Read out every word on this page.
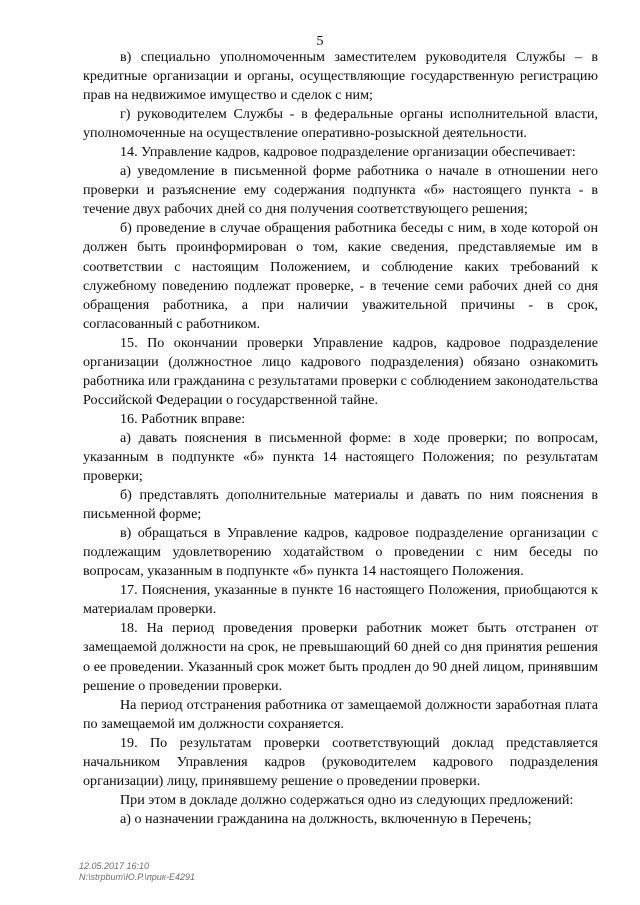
5

в) специально уполномоченным заместителем руководителя Службы – в кредитные организации и органы, осуществляющие государственную регистрацию прав на недвижимое имущество и сделок с ним;

г) руководителем Службы - в федеральные органы исполнительной власти, уполномоченные на осуществление оперативно-розыскной деятельности.

14. Управление кадров, кадровое подразделение организации обеспечивает:

а) уведомление в письменной форме работника о начале в отношении него проверки и разъяснение ему содержания подпункта «б» настоящего пункта - в течение двух рабочих дней со дня получения соответствующего решения;

б) проведение в случае обращения работника беседы с ним, в ходе которой он должен быть проинформирован о том, какие сведения, представляемые им в соответствии с настоящим Положением, и соблюдение каких требований к служебному поведению подлежат проверке, - в течение семи рабочих дней со дня обращения работника, а при наличии уважительной причины - в срок, согласованный с работником.

15. По окончании проверки Управление кадров, кадровое подразделение организации (должностное лицо кадрового подразделения) обязано ознакомить работника или гражданина с результатами проверки с соблюдением законодательства Российской Федерации о государственной тайне.

16. Работник вправе:

а) давать пояснения в письменной форме: в ходе проверки; по вопросам, указанным в подпункте «б» пункта 14 настоящего Положения; по результатам проверки;

б) представлять дополнительные материалы и давать по ним пояснения в письменной форме;

в) обращаться в Управление кадров, кадровое подразделение организации с подлежащим удовлетворению ходатайством о проведении с ним беседы по вопросам, указанным в подпункте «б» пункта 14 настоящего Положения.

17. Пояснения, указанные в пункте 16 настоящего Положения, приобщаются к материалам проверки.

18. На период проведения проверки работник может быть отстранен от замещаемой должности на срок, не превышающий 60 дней со дня принятия решения о ее проведении. Указанный срок может быть продлен до 90 дней лицом, принявшим решение о проведении проверки.

На период отстранения работника от замещаемой должности заработная плата по замещаемой им должности сохраняется.

19. По результатам проверки соответствующий доклад представляется начальником Управления кадров (руководителем кадрового подразделения организации) лицу, принявшему решение о проведении проверки.

При этом в докладе должно содержаться одно из следующих предложений:

а) о назначении гражданина на должность, включенную в Перечень;

12.05.2017 16:10
N:\strpbum\Ю.Р.\прик-Е4291
